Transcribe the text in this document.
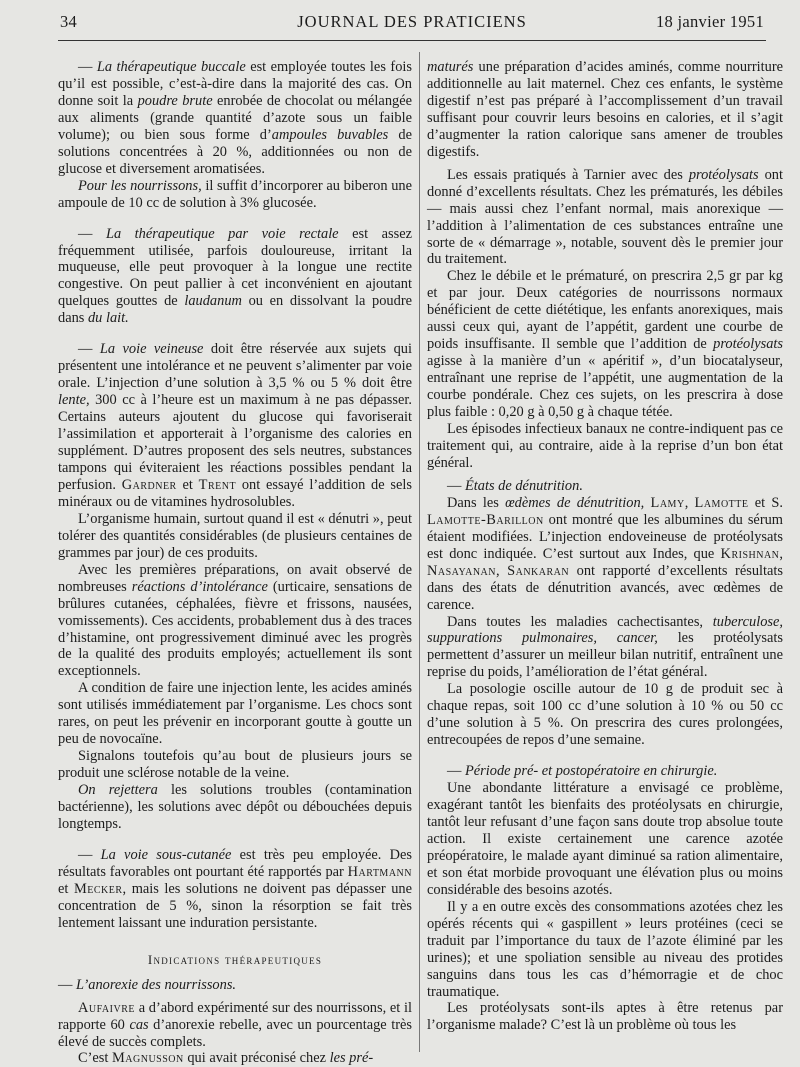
34	JOURNAL DES PRATICIENS	18 janvier 1951

— La thérapeutique buccale est employée toutes les fois qu’il est possible, c’est-à-dire dans la majorité des cas. On donne soit la poudre brute enrobée de chocolat ou mélangée aux aliments (grande quantité d’azote sous un faible volume); ou bien sous forme d’ampoules buvables de solutions concentrées à 20 %, additionnées ou non de glucose et diversement aromatisées.

Pour les nourrissons, il suffit d’incorporer au biberon une ampoule de 10 cc de solution à 3% glucosée.

— La thérapeutique par voie rectale est assez fréquemment utilisée, parfois douloureuse, irritant la muqueuse, elle peut provoquer à la longue une rectite congestive. On peut pallier à cet inconvénient en ajoutant quelques gouttes de laudanum ou en dissolvant la poudre dans du lait.

— La voie veineuse doit être réservée aux sujets qui présentent une intolérance et ne peuvent s’alimenter par voie orale. L’injection d’une solution à 3,5 % ou 5 % doit être lente, 300 cc à l’heure est un maximum à ne pas dépasser. Certains auteurs ajoutent du glucose qui favoriserait l’assimilation et apporterait à l’organisme des calories en supplément. D’autres proposent des sels neutres, substances tampons qui éviteraient les réactions possibles pendant la perfusion. Gardner et Trent ont essayé l’addition de sels minéraux ou de vitamines hydrosolubles.

L’organisme humain, surtout quand il est « dénutri », peut tolérer des quantités considérables (de plusieurs centaines de grammes par jour) de ces produits.

Avec les premières préparations, on avait observé de nombreuses réactions d’intolérance (urticaire, sensations de brûlures cutanées, céphalées, fièvre et frissons, nausées, vomissements). Ces accidents, probablement dus à des traces d’histamine, ont progressivement diminué avec les progrès de la qualité des produits employés; actuellement ils sont exceptionnels.

A condition de faire une injection lente, les acides aminés sont utilisés immédiatement par l’organisme. Les chocs sont rares, on peut les prévenir en incorporant goutte à goutte un peu de novocaïne.

Signalons toutefois qu’au bout de plusieurs jours se produit une sclérose notable de la veine.

On rejettera les solutions troubles (contamination bactérienne), les solutions avec dépôt ou débouchées depuis longtemps.

— La voie sous-cutanée est très peu employée. Des résultats favorables ont pourtant été rapportés par Hartmann et Mecker, mais les solutions ne doivent pas dépasser une concentration de 5 %, sinon la résorption se fait très lentement laissant une induration persistante.

Indications thérapeutiques

— L’anorexie des nourrissons.

Aufaivre a d’abord expérimenté sur des nourrissons, et il rapporte 60 cas d’anorexie rebelle, avec un pourcentage très élevé de succès complets.

C’est Magnusson qui avait préconisé chez les pré-

maturés une préparation d’acides aminés, comme nourriture additionnelle au lait maternel. Chez ces enfants, le système digestif n’est pas préparé à l’accomplissement d’un travail suffisant pour couvrir leurs besoins en calories, et il s’agit d’augmenter la ration calorique sans amener de troubles digestifs.

Les essais pratiqués à Tarnier avec des protéolysats ont donné d’excellents résultats. Chez les prématurés, les débiles — mais aussi chez l’enfant normal, mais anorexique — l’addition à l’alimentation de ces substances entraîne une sorte de « démarrage », notable, souvent dès le premier jour du traitement.

Chez le débile et le prématuré, on prescrira 2,5 gr par kg et par jour. Deux catégories de nourrissons normaux bénéficient de cette diététique, les enfants anorexiques, mais aussi ceux qui, ayant de l’appétit, gardent une courbe de poids insuffisante. Il semble que l’addition de protéolysats agisse à la manière d’un « apéritif », d’un biocatalyseur, entraînant une reprise de l’appétit, une augmentation de la courbe pondérale. Chez ces sujets, on les prescrira à dose plus faible : 0,20 g à 0,50 g à chaque tétée.

Les épisodes infectieux banaux ne contre-indiquent pas ce traitement qui, au contraire, aide à la reprise d’un bon état général.

— États de dénutrition.

Dans les œdèmes de dénutrition, Lamy, Lamotte et S. Lamotte-Barillon ont montré que les albumines du sérum étaient modifiées. L’injection endoveineuse de protéolysats est donc indiquée. C’est surtout aux Indes, que Krishnan, Nasayanan, Sankaran ont rapporté d’excellents résultats dans des états de dénutrition avancés, avec œdèmes de carence.

Dans toutes les maladies cachectisantes, tuberculose, suppurations pulmonaires, cancer, les protéolysats permettent d’assurer un meilleur bilan nutritif, entraînent une reprise du poids, l’amélioration de l’état général.

La posologie oscille autour de 10 g de produit sec à chaque repas, soit 100 cc d’une solution à 10 % ou 50 cc d’une solution à 5 %. On prescrira des cures prolongées, entrecoupées de repos d’une semaine.

— Période pré- et postopératoire en chirurgie.

Une abondante littérature a envisagé ce problème, exagérant tantôt les bienfaits des protéolysats en chirurgie, tantôt leur refusant d’une façon sans doute trop absolue toute action. Il existe certainement une carence azotée préopératoire, le malade ayant diminué sa ration alimentaire, et son état morbide provoquant une élévation plus ou moins considérable des besoins azotés.

Il y a en outre excès des consommations azotées chez les opérés récents qui « gaspillent » leurs protéines (ceci se traduit par l’importance du taux de l’azote éliminé par les urines); et une spoliation sensible au niveau des protides sanguins dans tous les cas d’hémorragie et de choc traumatique.

Les protéolysats sont-ils aptes à être retenus par l’organisme malade? C’est là un problème où tous les
